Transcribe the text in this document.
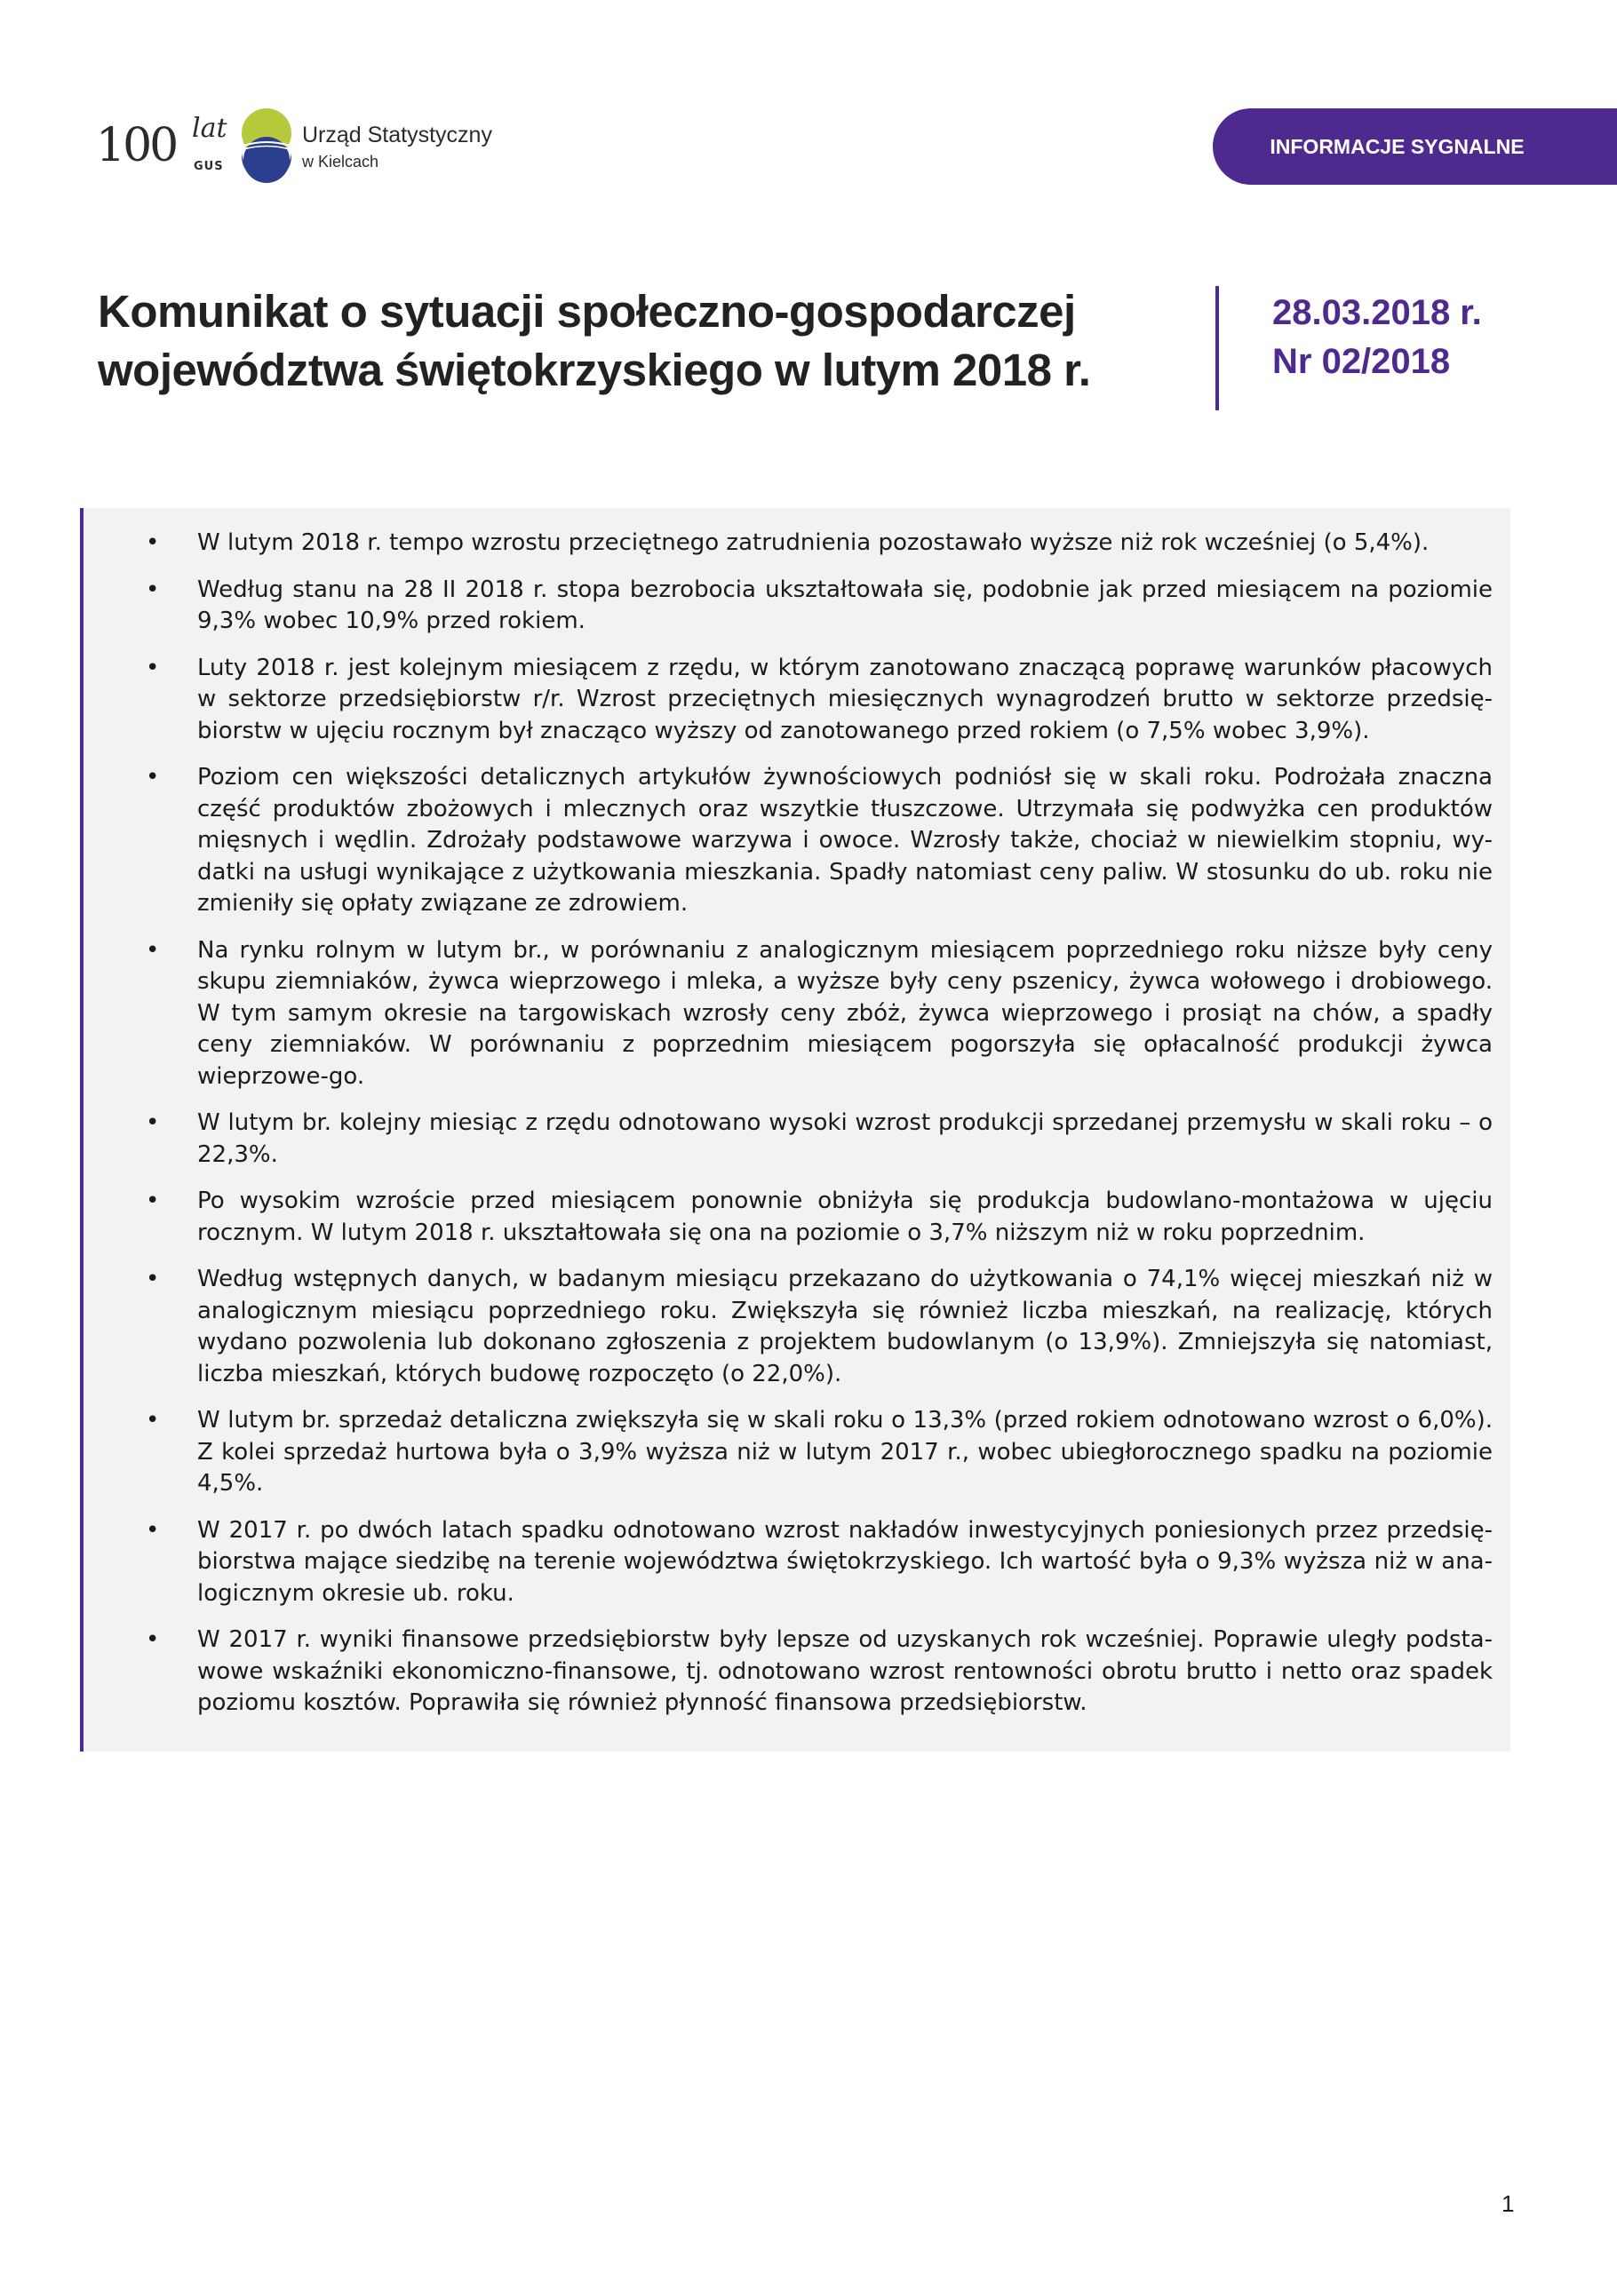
100 lat
GUS
Urząd Statystyczny
w Kielcach
INFORMACJE SYGNALNE
Komunikat o sytuacji społeczno-gospodarczej
województwa świętokrzyskiego w lutym 2018 r.
28.03.2018 r.
Nr 02/2018
• W lutym 2018 r. tempo wzrostu przeciętnego zatrudnienia pozostawało wyższe niż rok wcześniej (o 5,4%).
• Według stanu na 28 II 2018 r. stopa bezrobocia ukształtowała się, podobnie jak przed miesiącem na poziomie 9,3% wobec 10,9% przed rokiem.
• Luty 2018 r. jest kolejnym miesiącem z rzędu, w którym zanotowano znaczącą poprawę warunków płacowych w sektorze przedsiębiorstw r/r. Wzrost przeciętnych miesięcznych wynagrodzeń brutto w sektorze przedsię-biorstw w ujęciu rocznym był znacząco wyższy od zanotowanego przed rokiem (o 7,5% wobec 3,9%).
• Poziom cen większości detalicznych artykułów żywnościowych podniósł się w skali roku. Podrożała znaczna część produktów zbożowych i mlecznych oraz wszytkie tłuszczowe. Utrzymała się podwyżka cen produktów mięsnych i wędlin. Zdrożały podstawowe warzywa i owoce. Wzrosły także, chociaż w niewielkim stopniu, wy-datki na usługi wynikające z użytkowania mieszkania. Spadły natomiast ceny paliw. W stosunku do ub. roku nie zmieniły się opłaty związane ze zdrowiem.
• Na rynku rolnym w lutym br., w porównaniu z analogicznym miesiącem poprzedniego roku niższe były ceny skupu ziemniaków, żywca wieprzowego i mleka, a wyższe były ceny pszenicy, żywca wołowego i drobiowego. W tym samym okresie na targowiskach wzrosły ceny zbóż, żywca wieprzowego i prosiąt na chów, a spadły ceny ziemniaków. W porównaniu z poprzednim miesiącem pogorszyła się opłacalność produkcji żywca wieprzowe-go.
• W lutym br. kolejny miesiąc z rzędu odnotowano wysoki wzrost produkcji sprzedanej przemysłu w skali roku – o 22,3%.
• Po wysokim wzroście przed miesiącem ponownie obniżyła się produkcja budowlano-montażowa w ujęciu rocznym. W lutym 2018 r. ukształtowała się ona na poziomie o 3,7% niższym niż w roku poprzednim.
• Według wstępnych danych, w badanym miesiącu przekazano do użytkowania o 74,1% więcej mieszkań niż w analogicznym miesiącu poprzedniego roku. Zwiększyła się również liczba mieszkań, na realizację, których wydano pozwolenia lub dokonano zgłoszenia z projektem budowlanym (o 13,9%). Zmniejszyła się natomiast, liczba mieszkań, których budowę rozpoczęto (o 22,0%).
• W lutym br. sprzedaż detaliczna zwiększyła się w skali roku o 13,3% (przed rokiem odnotowano wzrost o 6,0%). Z kolei sprzedaż hurtowa była o 3,9% wyższa niż w lutym 2017 r., wobec ubiegłorocznego spadku na poziomie 4,5%.
• W 2017 r. po dwóch latach spadku odnotowano wzrost nakładów inwestycyjnych poniesionych przez przedsię-biorstwa mające siedzibę na terenie województwa świętokrzyskiego. Ich wartość była o 9,3% wyższa niż w ana-logicznym okresie ub. roku.
• W 2017 r. wyniki finansowe przedsiębiorstw były lepsze od uzyskanych rok wcześniej. Poprawie uległy podsta-wowe wskaźniki ekonomiczno-finansowe, tj. odnotowano wzrost rentowności obrotu brutto i netto oraz spadek poziomu kosztów. Poprawiła się również płynność finansowa przedsiębiorstw.
1
